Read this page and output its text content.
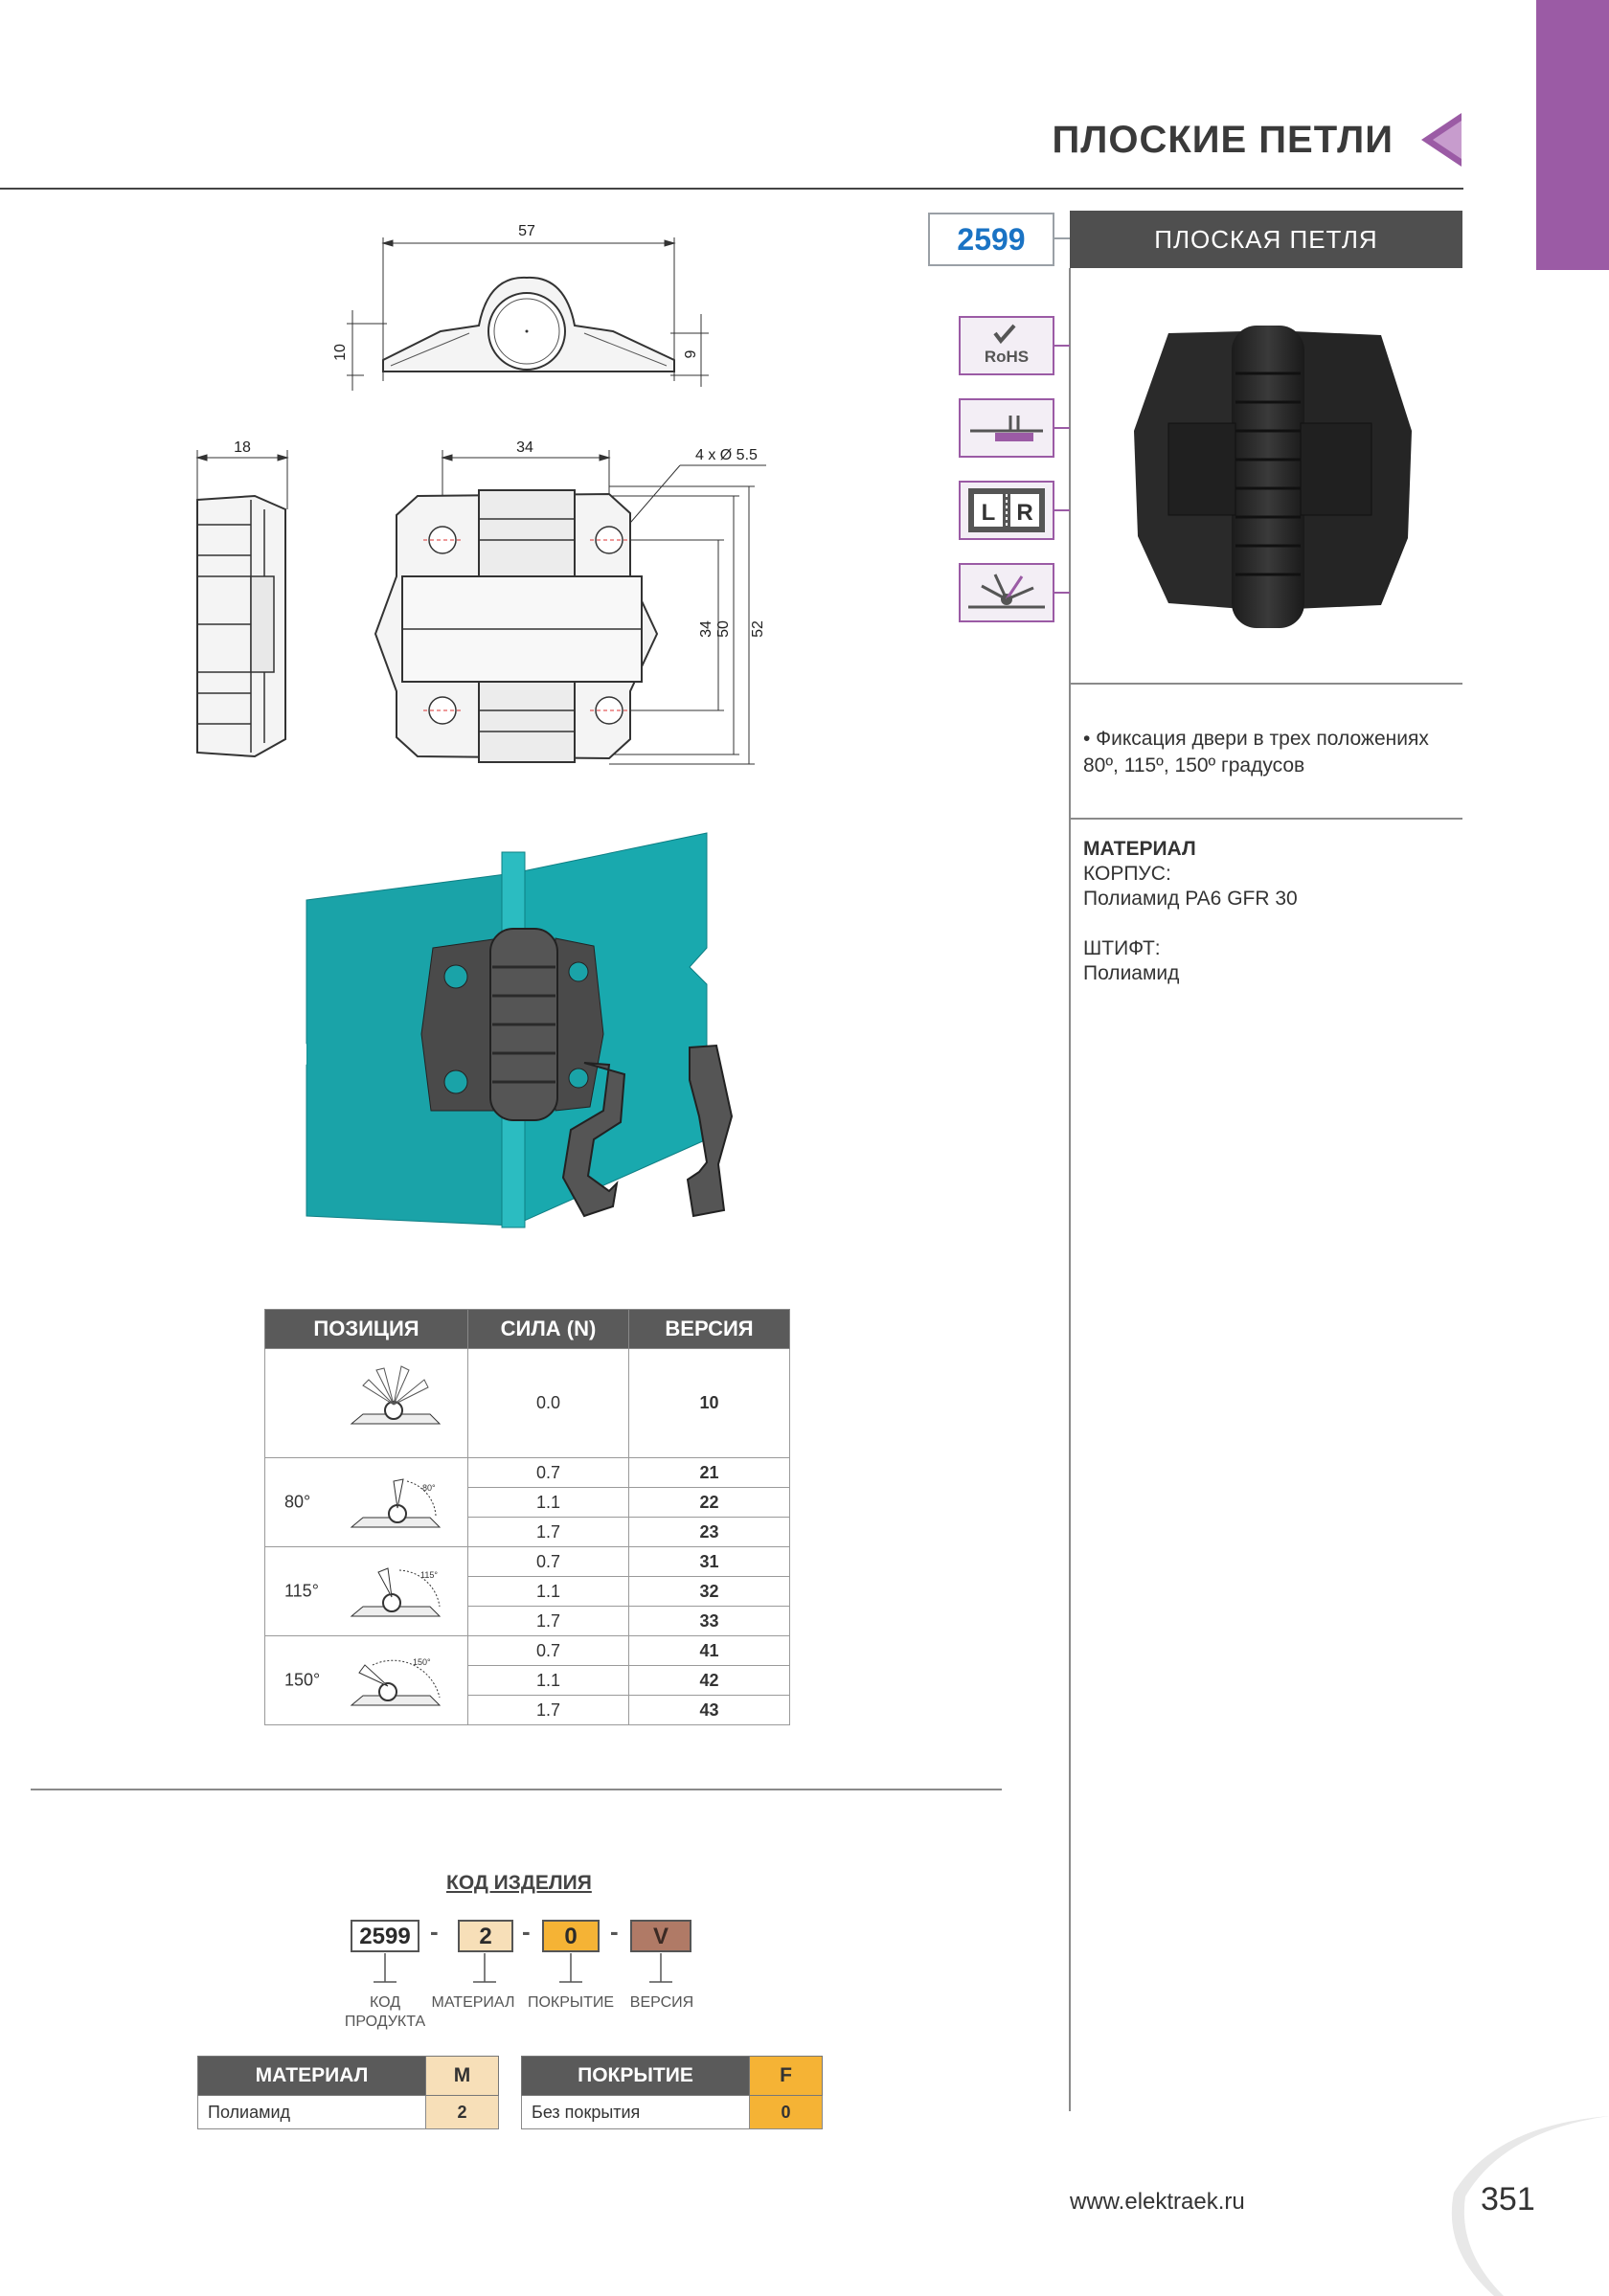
ПЛОСКИЕ ПЕТЛИ
2599	ПЛОСКАЯ ПЕТЛЯ
RoHS
L R
• Фиксация двери в трех положениях 80º, 115º, 150º градусов
МАТЕРИАЛ
КОРПУС:
Полиамид PA6 GFR 30
ШТИФТ:
Полиамид
57
10	9
18	34	4 x Ø 5.5
34 50 52
ПОЗИЦИЯ	СИЛА (N)	ВЕРСИЯ

	0.0	10

80°
80°	0.7	21
	1.1	22
	1.7	23

115°
115°	0.7	31
	1.1	32
	1.7	33

150°
150°	0.7	41
	1.1	42
	1.7	43
КОД ИЗДЕЛИЯ
2599 -	2	-	0	-	V
КОД ПРОДУКТА
МАТЕРИАЛ ПОКРЫТИЕ	ВЕРСИЯ
МАТЕРИАЛ	M
Полиамид	2
ПОКРЫТИЕ	F
Без покрытия	0
www.elektraek.ru	351
